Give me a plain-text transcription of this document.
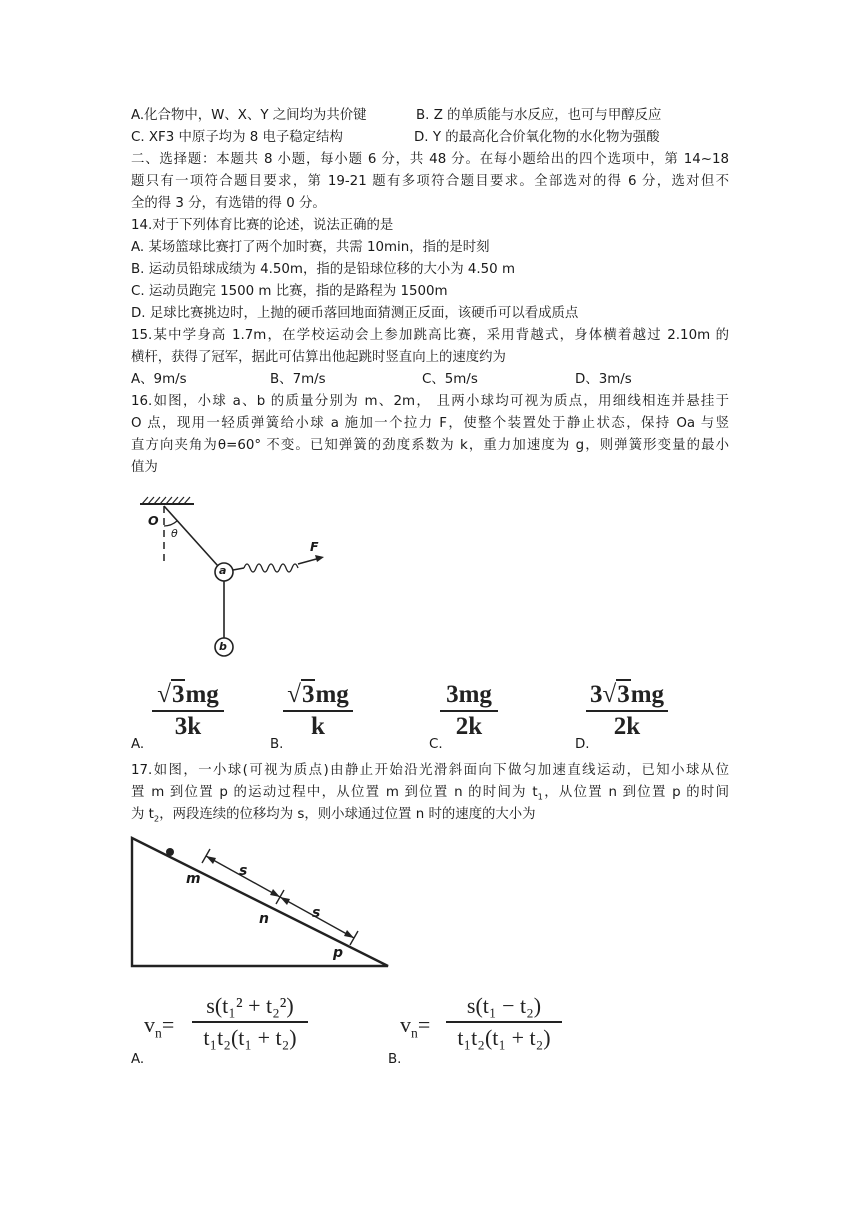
A.化合物中，W、X、Y 之间均为共价键	B. Z 的单质能与水反应，也可与甲醇反应
C. XF3 中原子均为 8 电子稳定结构	D. Y 的最高化合价氧化物的水化物为强酸
二、选择题：本题共 8 小题，每小题 6 分，共 48 分。在每小题给出的四个选项中，第 14~18
题只有一项符合题目要求，第 19-21 题有多项符合题目要求。全部选对的得 6 分，选对但不
全的得 3 分，有选错的得 0 分。
14.对于下列体育比赛的论述，说法正确的是
A. 某场篮球比赛打了两个加时赛，共需 10min，指的是时刻
B. 运动员铅球成绩为 4.50m，指的是铅球位移的大小为 4.50 m
C. 运动员跑完 1500 m 比赛，指的是路程为 1500m
D. 足球比赛挑边时，上抛的硬币落回地面猜测正反面，该硬币可以看成质点
15.某中学身高 1.7m，在学校运动会上参加跳高比赛，采用背越式，身体横着越过 2.10m 的
横杆，获得了冠军，据此可估算出他起跳时竖直向上的速度约为
A、9m/s	B、7m/s	C、5m/s	D、3m/s
16.如图，小球 a、b 的质量分别为 m、2m， 且两小球均可视为质点，用细线相连并悬挂于
O 点，现用一轻质弹簧给小球 a 施加一个拉力 F，使整个装置处于静止状态，保持 Oa 与竖
直方向夹角为θ=60° 不变。已知弹簧的劲度系数为 k，重力加速度为 g，则弹簧形变量的最小
值为
O
θ
a
b
F
A.
√3mg
3k
B.
√3mg
k
C.
3mg
2k
D.
3√3mg
2k
17.如图，一小球(可视为质点)由静止开始沿光滑斜面向下做匀加速直线运动，已知小球从位
置 m 到位置 p 的运动过程中，从位置 m 到位置 n 的时间为 $t_1$，从位置 n 到位置 p 的时间
为 $t_2$，两段连续的位移均为 s，则小球通过位置 n 时的速度的大小为
m
n
p
s
s
A.
$v_n=$
s(t₁² + t₂²)
t₁t₂(t₁ + t₂)
B.
$v_n=$
s(t₁ − t₂)
t₁t₂(t₁ + t₂)
